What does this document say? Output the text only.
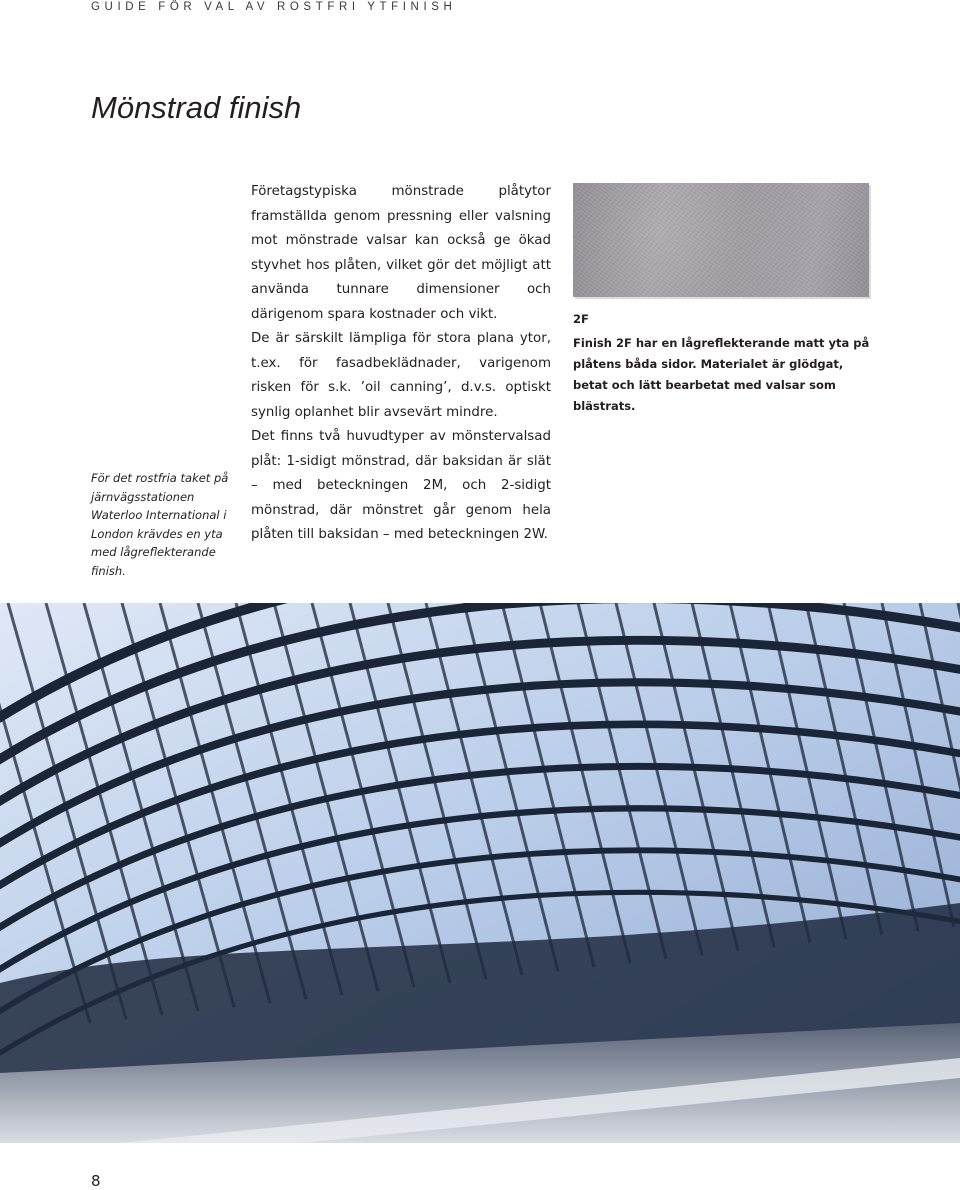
GUIDE FÖR VAL AV ROSTFRI YTFINISH
Mönstrad finish
För det rostfria taket på järnvägsstationen Waterloo International i London krävdes en yta med lågreflekterande finish.

Företagstypiska mönstrade plåtytor framställda genom pressning eller valsning mot mönstrade valsar kan också ge ökad styvhet hos plåten, vilket gör det möjligt att använda tunnare dimensioner och därigenom spara kostnader och vikt.

De är särskilt lämpliga för stora plana ytor, t.ex. för fasadbeklädnader, varigenom risken för s.k. ’oil canning’, d.v.s. optiskt synlig oplanhet blir avsevärt mindre.

Det finns två huvudtyper av mönstervalsad plåt: 1-sidigt mönstrad, där baksidan är slät – med beteckningen 2M, och 2-sidigt mönstrad, där mönstret går genom hela plåten till baksidan – med beteckningen 2W.

2F
Finish 2F har en lågreflekterande matt yta på plåtens båda sidor. Materialet är glödgat, betat och lätt bearbetat med valsar som blästrats.
8
